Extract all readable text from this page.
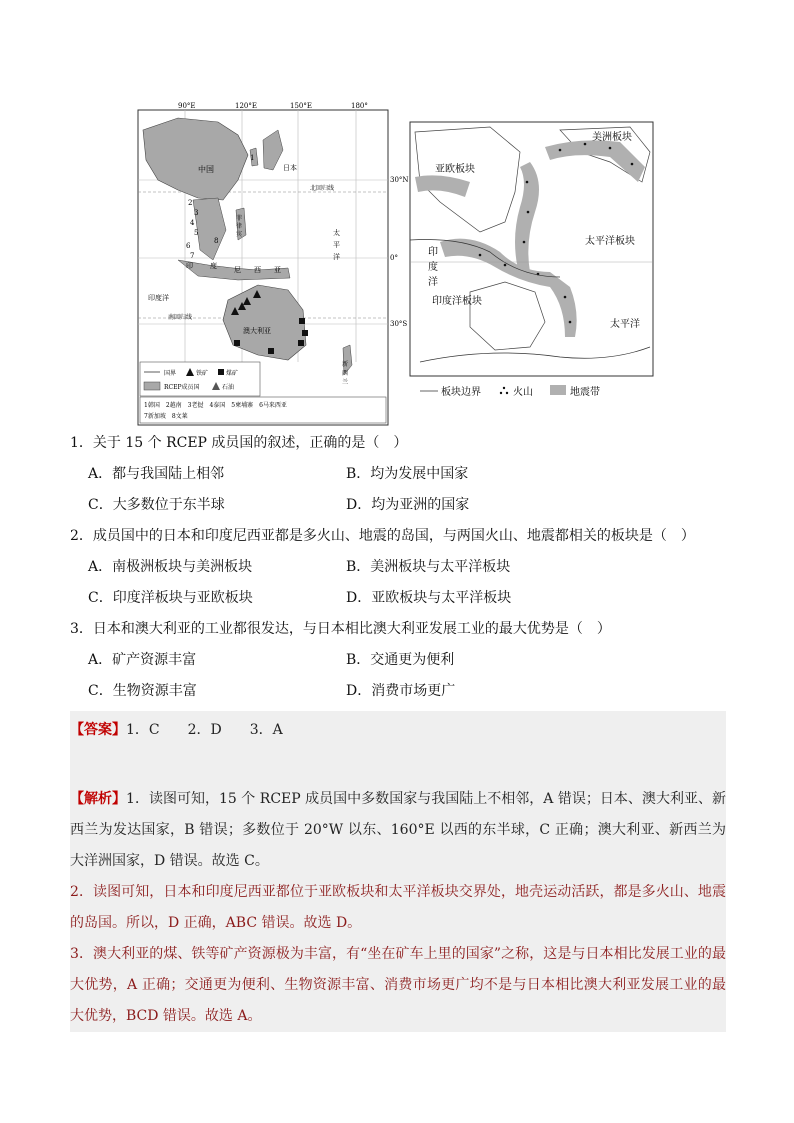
90°E	120°E	150°E	180°
30°N
0°
30°S
中国	日本
北回归线
太
平
洋
印度洋
南回归线
澳大利亚
新
西
兰
菲
律
宾
印 度 尼 西 亚
1
2
3
4
5
6
7
8
国界	铁矿	煤矿
RCEP成员国	石油
1韩国　2越南　3老挝　4泰国　5柬埔寨　6马来西亚
7新加坡　8文莱
美洲板块
亚欧板块
太平洋板块
印
度
洋
印度洋板块
太平洋
板块边界	火山	地震带

1．关于 15 个 RCEP 成员国的叙述，正确的是（　）

A．都与我国陆上相邻	B．均为发展中国家
C．大多数位于东半球	D．均为亚洲的国家

2．成员国中的日本和印度尼西亚都是多火山、地震的岛国，与两国火山、地震都相关的板块是（　）

A．南极洲板块与美洲板块	B．美洲板块与太平洋板块
C．印度洋板块与亚欧板块	D．亚欧板块与太平洋板块

3．日本和澳大利亚的工业都很发达，与日本相比澳大利亚发展工业的最大优势是（　）

A．矿产资源丰富	B．交通更为便利
C．生物资源丰富	D．消费市场更广
【答案】1．C　　2．D　　3．A
【解析】1．读图可知，15 个 RCEP 成员国中多数国家与我国陆上不相邻，A 错误；日本、澳大利亚、新西兰为发达国家，B 错误；多数位于 20°W 以东、160°E 以西的东半球，C 正确；澳大利亚、新西兰为大洋洲国家，D 错误。故选 C。
2．读图可知，日本和印度尼西亚都位于亚欧板块和太平洋板块交界处，地壳运动活跃，都是多火山、地震的岛国。所以，D 正确，ABC 错误。故选 D。
3．澳大利亚的煤、铁等矿产资源极为丰富，有“坐在矿车上里的国家”之称，这是与日本相比发展工业的最大优势，A 正确；交通更为便利、生物资源丰富、消费市场更广均不是与日本相比澳大利亚发展工业的最大优势，BCD 错误。故选 A。
